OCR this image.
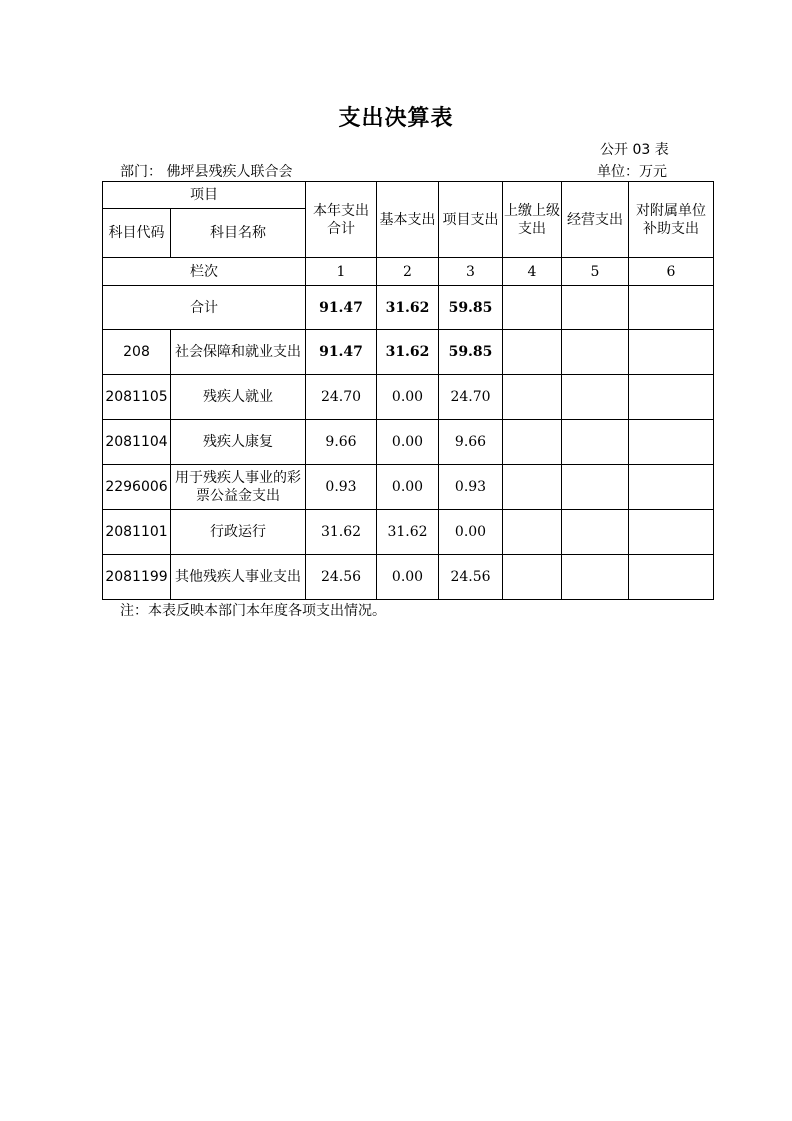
支出决算表
公开 03 表
部门： 佛坪县残疾人联合会	单位：万元
项目		本年支出合计	基本支出	项目支出	上缴上级支出	经营支出	对附属单位补助支出
科目代码	科目名称						
栏次		1	2	3	4	5	6
合计		91.47	31.62	59.85			
208	社会保障和就业支出	91.47	31.62	59.85			
2081105	残疾人就业	24.70	0.00	24.70			
2081104	残疾人康复	9.66	0.00	9.66			
2296006	用于残疾人事业的彩票公益金支出	0.93	0.00	0.93			
2081101	行政运行	31.62	31.62	0.00			
2081199	其他残疾人事业支出	24.56	0.00	24.56			
注：本表反映本部门本年度各项支出情况。
